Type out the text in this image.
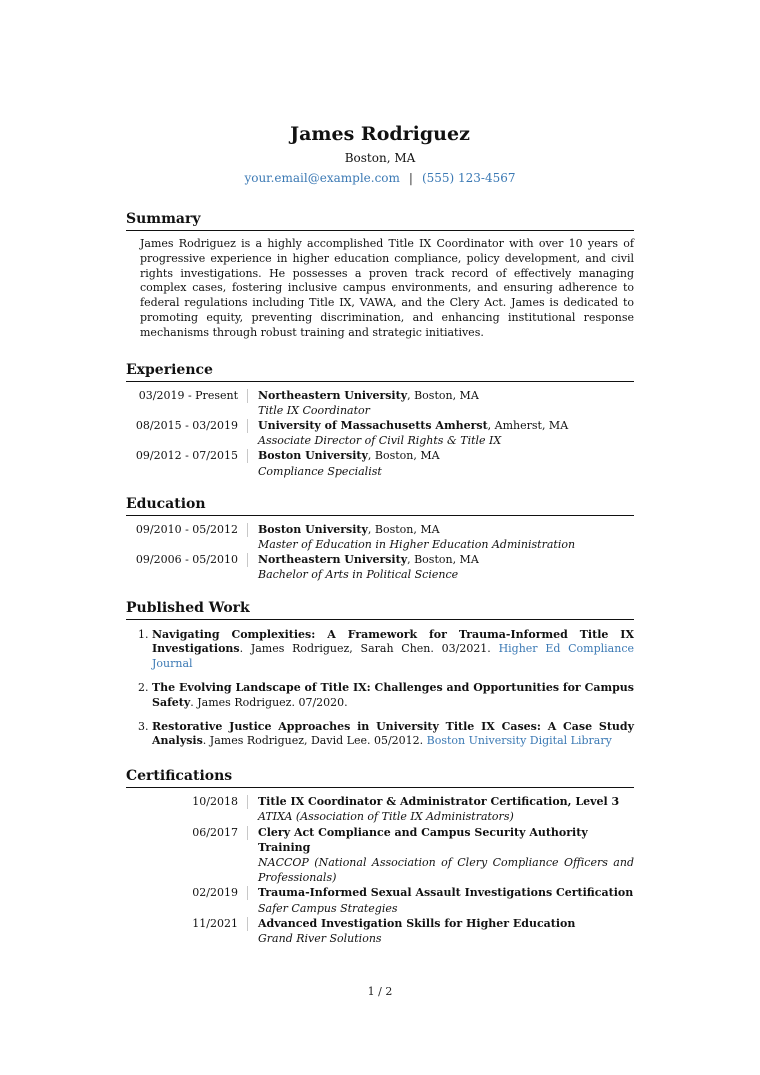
James Rodriguez
Boston, MA
your.email@example.com | (555) 123-4567
Summary
James Rodriguez is a highly accomplished Title IX Coordinator with over 10 years of progressive experience in higher education compliance, policy development, and civil rights investigations. He possesses a proven track record of effectively managing complex cases, fostering inclusive campus environments, and ensuring adherence to federal regulations including Title IX, VAWA, and the Clery Act. James is dedicated to promoting equity, preventing discrimination, and enhancing institutional response mechanisms through robust training and strategic initiatives.
Experience
03/2019 - Present	Northeastern University, Boston, MA
Title IX Coordinator
08/2015 - 03/2019	University of Massachusetts Amherst, Amherst, MA
Associate Director of Civil Rights & Title IX
09/2012 - 07/2015	Boston University, Boston, MA
Compliance Specialist
Education
09/2010 - 05/2012	Boston University, Boston, MA
Master of Education in Higher Education Administration
09/2006 - 05/2010	Northeastern University, Boston, MA
Bachelor of Arts in Political Science
Published Work
1. Navigating Complexities: A Framework for Trauma-Informed Title IX Investigations. James Rodriguez, Sarah Chen. 03/2021. Higher Ed Compliance Journal
2. The Evolving Landscape of Title IX: Challenges and Opportunities for Campus Safety. James Rodriguez. 07/2020.
3. Restorative Justice Approaches in University Title IX Cases: A Case Study Analysis. James Rodriguez, David Lee. 05/2012. Boston University Digital Library
Certifications
10/2018	Title IX Coordinator & Administrator Certification, Level 3
ATIXA (Association of Title IX Administrators)
06/2017	Clery Act Compliance and Campus Security Authority Training
NACCOP (National Association of Clery Compliance Officers and Professionals)
02/2019	Trauma-Informed Sexual Assault Investigations Certification
Safer Campus Strategies
11/2021	Advanced Investigation Skills for Higher Education
Grand River Solutions
1 / 2
